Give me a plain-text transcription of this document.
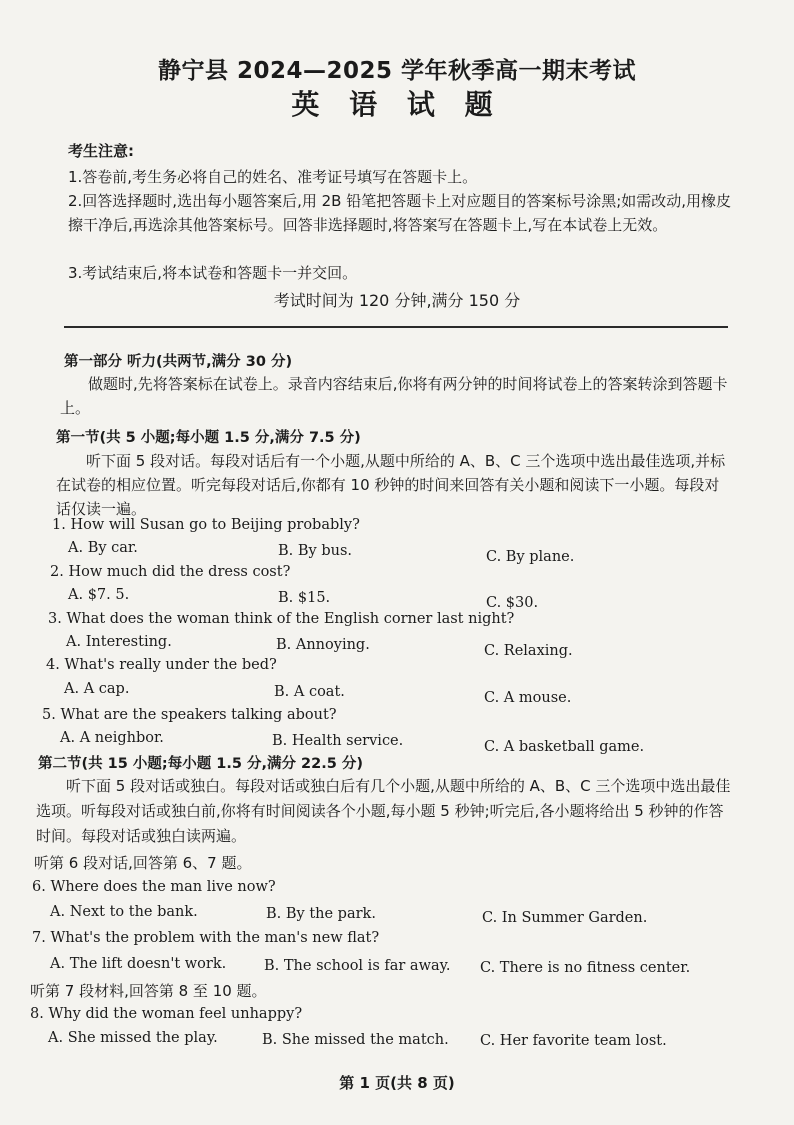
静宁县 2024—2025 学年秋季高一期末考试
英 语 试 题
考生注意:
1.答卷前,考生务必将自己的姓名、准考证号填写在答题卡上。
2.回答选择题时,选出每小题答案后,用 2B 铅笔把答题卡上对应题目的答案标号涂黑;如需改动,用橡皮擦干净后,再选涂其他答案标号。回答非选择题时,将答案写在答题卡上,写在本试卷上无效。
3.考试结束后,将本试卷和答题卡一并交回。
考试时间为 120 分钟,满分 150 分
第一部分 听力(共两节,满分 30 分)
做题时,先将答案标在试卷上。录音内容结束后,你将有两分钟的时间将试卷上的答案转涂到答题卡上。
第一节(共 5 小题;每小题 1.5 分,满分 7.5 分)
听下面 5 段对话。每段对话后有一个小题,从题中所给的 A、B、C 三个选项中选出最佳选项,并标在试卷的相应位置。听完每段对话后,你都有 10 秒钟的时间来回答有关小题和阅读下一小题。每段对话仅读一遍。
1. How will Susan go to Beijing probably?
A. By car.	B. By bus.	C. By plane.
2. How much did the dress cost?
A. $7. 5.	B. $15.	C. $30.
3. What does the woman think of the English corner last night?
A. Interesting.	B. Annoying.	C. Relaxing.
4. What's really under the bed?
A. A cap.	B. A coat.	C. A mouse.
5. What are the speakers talking about?
A. A neighbor.	B. Health service.	C. A basketball game.
第二节(共 15 小题;每小题 1.5 分,满分 22.5 分)
听下面 5 段对话或独白。每段对话或独白后有几个小题,从题中所给的 A、B、C 三个选项中选出最佳选项。听每段对话或独白前,你将有时间阅读各个小题,每小题 5 秒钟;听完后,各小题将给出 5 秒钟的作答时间。每段对话或独白读两遍。
听第 6 段对话,回答第 6、7 题。
6. Where does the man live now?
A. Next to the bank.	B. By the park.	C. In Summer Garden.
7. What's the problem with the man's new flat?
A. The lift doesn't work.	B. The school is far away. C. There is no fitness center.
听第 7 段材料,回答第 8 至 10 题。
8. Why did the woman feel unhappy?
A. She missed the play.	B. She missed the match. C. Her favorite team lost.
第 1 页(共 8 页)
